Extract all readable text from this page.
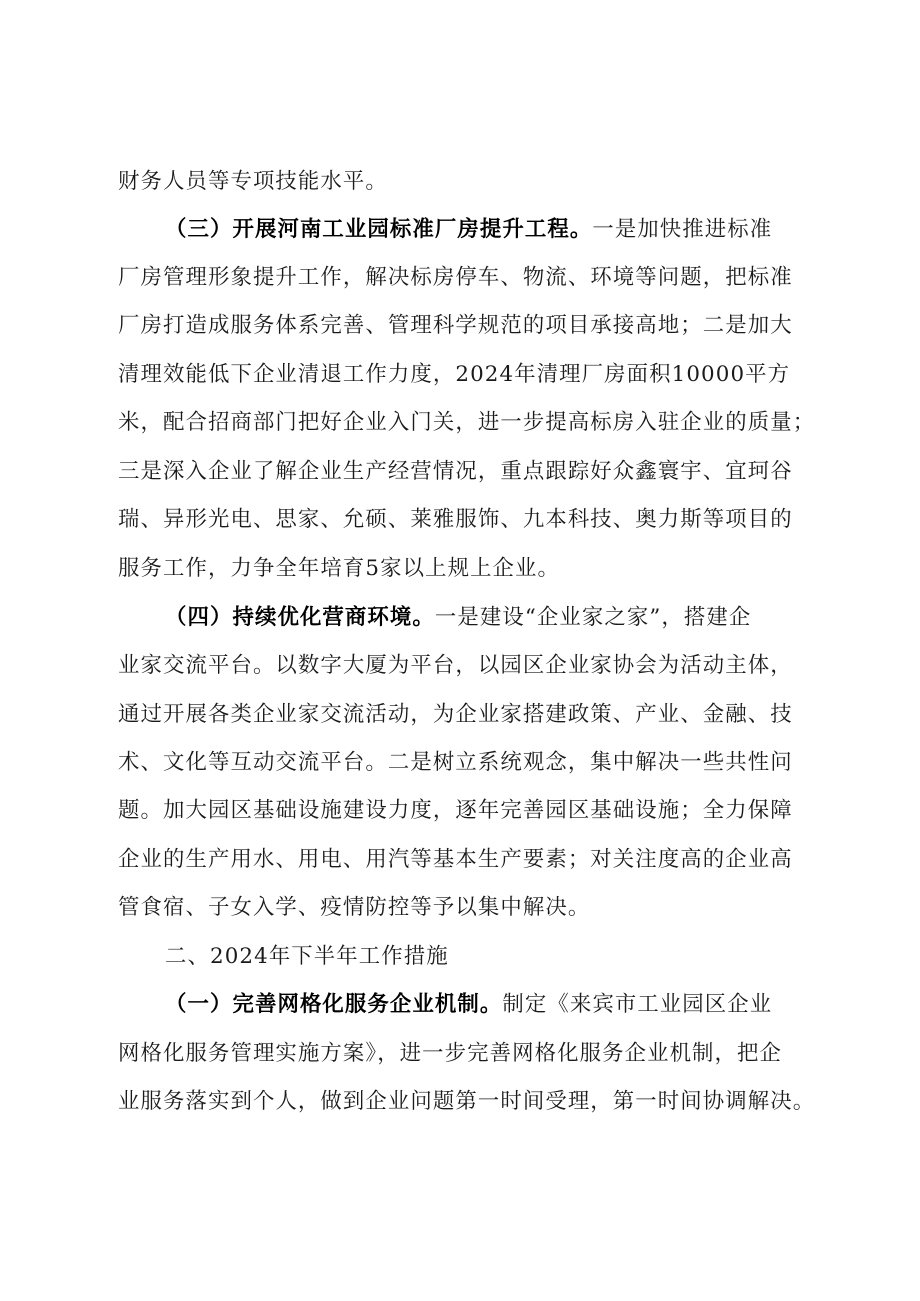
财务人员等专项技能水平。
（三）开展河南工业园标准厂房提升工程。一是加快推进标准
厂房管理形象提升工作，解决标房停车、物流、环境等问题，把标准
厂房打造成服务体系完善、管理科学规范的项目承接高地；二是加大
清理效能低下企业清退工作力度，2024年清理厂房面积10000平方
米，配合招商部门把好企业入门关，进一步提高标房入驻企业的质量；
三是深入企业了解企业生产经营情况，重点跟踪好众鑫寰宇、宜珂谷
瑞、异形光电、思家、允硕、莱雅服饰、九本科技、奥力斯等项目的
服务工作，力争全年培育5家以上规上企业。
（四）持续优化营商环境。一是建设“企业家之家”，搭建企
业家交流平台。以数字大厦为平台，以园区企业家协会为活动主体，
通过开展各类企业家交流活动，为企业家搭建政策、产业、金融、技
术、文化等互动交流平台。二是树立系统观念，集中解决一些共性问
题。加大园区基础设施建设力度，逐年完善园区基础设施；全力保障
企业的生产用水、用电、用汽等基本生产要素；对关注度高的企业高
管食宿、子女入学、疫情防控等予以集中解决。
二、2024年下半年工作措施
（一）完善网格化服务企业机制。制定《来宾市工业园区企业
网格化服务管理实施方案》，进一步完善网格化服务企业机制，把企
业服务落实到个人，做到企业问题第一时间受理，第一时间协调解决。
